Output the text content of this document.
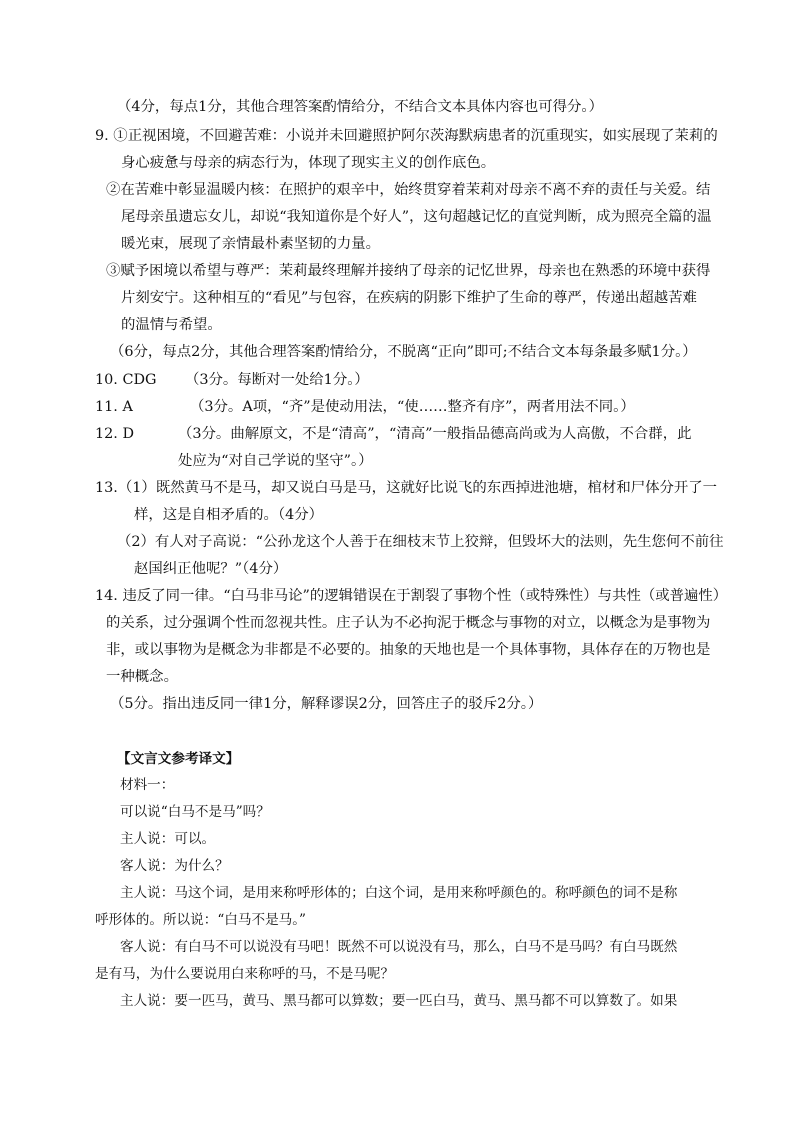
（4分，每点1分，其他合理答案酌情给分，不结合文本具体内容也可得分。）
9. ①正视困境，不回避苦难：小说并未回避照护阿尔茨海默病患者的沉重现实，如实展现了茉莉的
身心疲惫与母亲的病态行为，体现了现实主义的创作底色。
②在苦难中彰显温暖内核：在照护的艰辛中，始终贯穿着茉莉对母亲不离不弃的责任与关爱。结
尾母亲虽遗忘女儿，却说“我知道你是个好人”，这句超越记忆的直觉判断，成为照亮全篇的温
暖光束，展现了亲情最朴素坚韧的力量。
③赋予困境以希望与尊严：茉莉最终理解并接纳了母亲的记忆世界，母亲也在熟悉的环境中获得
片刻安宁。这种相互的“看见”与包容，在疾病的阴影下维护了生命的尊严，传递出超越苦难
的温情与希望。
（6分，每点2分，其他合理答案酌情给分，不脱离“正向”即可;不结合文本每条最多赋1分。）
10. CDG （3分。每断对一处给1分。）
11. A	（3分。A项，“齐”是使动用法，“使……整齐有序”，两者用法不同。）
12. D	（3分。曲解原文，不是“清高”，“清高”一般指品德高尚或为人高傲，不合群，此
处应为“对自己学说的坚守”。）
13.（1）既然黄马不是马，却又说白马是马，这就好比说飞的东西掉进池塘，棺材和尸体分开了一
样，这是自相矛盾的。（4分）
（2）有人对子高说：“公孙龙这个人善于在细枝末节上狡辩，但毁坏大的法则，先生您何不前往
赵国纠正他呢？”（4分）
14. 违反了同一律。“白马非马论”的逻辑错误在于割裂了事物个性（或特殊性）与共性（或普遍性）
的关系，过分强调个性而忽视共性。庄子认为不必拘泥于概念与事物的对立，以概念为是事物为
非，或以事物为是概念为非都是不必要的。抽象的天地也是一个具体事物，具体存在的万物也是
一种概念。
（5分。指出违反同一律1分，解释谬误2分，回答庄子的驳斥2分。）
【文言文参考译文】
材料一：
可以说“白马不是马”吗？
主人说：可以。
客人说：为什么？
主人说：马这个词，是用来称呼形体的；白这个词，是用来称呼颜色的。称呼颜色的词不是称
呼形体的。所以说：“白马不是马。”
客人说：有白马不可以说没有马吧！既然不可以说没有马，那么，白马不是马吗？有白马既然
是有马，为什么要说用白来称呼的马，不是马呢？
主人说：要一匹马，黄马、黑马都可以算数；要一匹白马，黄马、黑马都不可以算数了。如果
